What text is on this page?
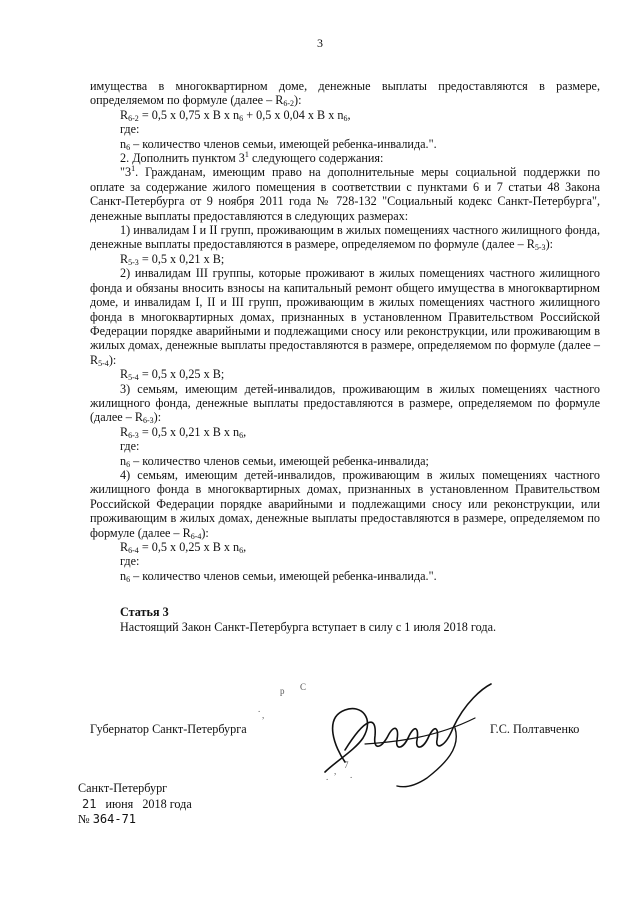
3

имущества в многоквартирном доме, денежные выплаты предоставляются в размере, определяемом по формуле (далее – $R_{6-2}$):

$R_{6-2} = 0,5$ х 0,75 х В х $n_6 + 0,5$ х 0,04 х В х $n_6$,

где:

$n_6$ – количество членов семьи, имеющей ребенка-инвалида.".

2. Дополнить пунктом $3^1$ следующего содержания:

"$3^1$. Гражданам, имеющим право на дополнительные меры социальной поддержки по оплате за содержание жилого помещения в соответствии с пунктами 6 и 7 статьи 48 Закона Санкт-Петербурга от 9 ноября 2011 года № 728-132 "Социальный кодекс Санкт-Петербурга", денежные выплаты предоставляются в следующих размерах:

1) инвалидам I и II групп, проживающим в жилых помещениях частного жилищного фонда, денежные выплаты предоставляются в размере, определяемом по формуле (далее – $R_{5-3}$):

$R_{5-3} = 0,5$ х 0,21 х В;

2) инвалидам III группы, которые проживают в жилых помещениях частного жилищного фонда и обязаны вносить взносы на капитальный ремонт общего имущества в многоквартирном доме, и инвалидам I, II и III групп, проживающим в жилых помещениях частного жилищного фонда в многоквартирных домах, признанных в установленном Правительством Российской Федерации порядке аварийными и подлежащими сносу или реконструкции, или проживающим в жилых домах, денежные выплаты предоставляются в размере, определяемом по формуле (далее – $R_{5-4}$):

$R_{5-4} = 0,5$ х 0,25 х В;

3) семьям, имеющим детей-инвалидов, проживающим в жилых помещениях частного жилищного фонда, денежные выплаты предоставляются в размере, определяемом по формуле (далее – $R_{6-3}$):

$R_{6-3} = 0,5$ х 0,21 х В х $n_6$,

где:

$n_6$ – количество членов семьи, имеющей ребенка-инвалида;

4) семьям, имеющим детей-инвалидов, проживающим в жилых помещениях частного жилищного фонда в многоквартирных домах, признанных в установленном Правительством Российской Федерации порядке аварийными и подлежащими сносу или реконструкции, или проживающим в жилых домах, денежные выплаты предоставляются в размере, определяемом по формуле (далее – $R_{6-4}$):

$R_{6-4} = 0,5$ х 0,25 х В х $n_6$,

где:

$n_6$ – количество членов семьи, имеющей ребенка-инвалида.".

Статья 3

Настоящий Закон Санкт-Петербурга вступает в силу с 1 июля 2018 года.

р С
.
,
.
,
7
.
Губернатор Санкт-Петербурга	Г.С. Полтавченко
Санкт-Петербург
21 июня 2018 года
№ 364-71
